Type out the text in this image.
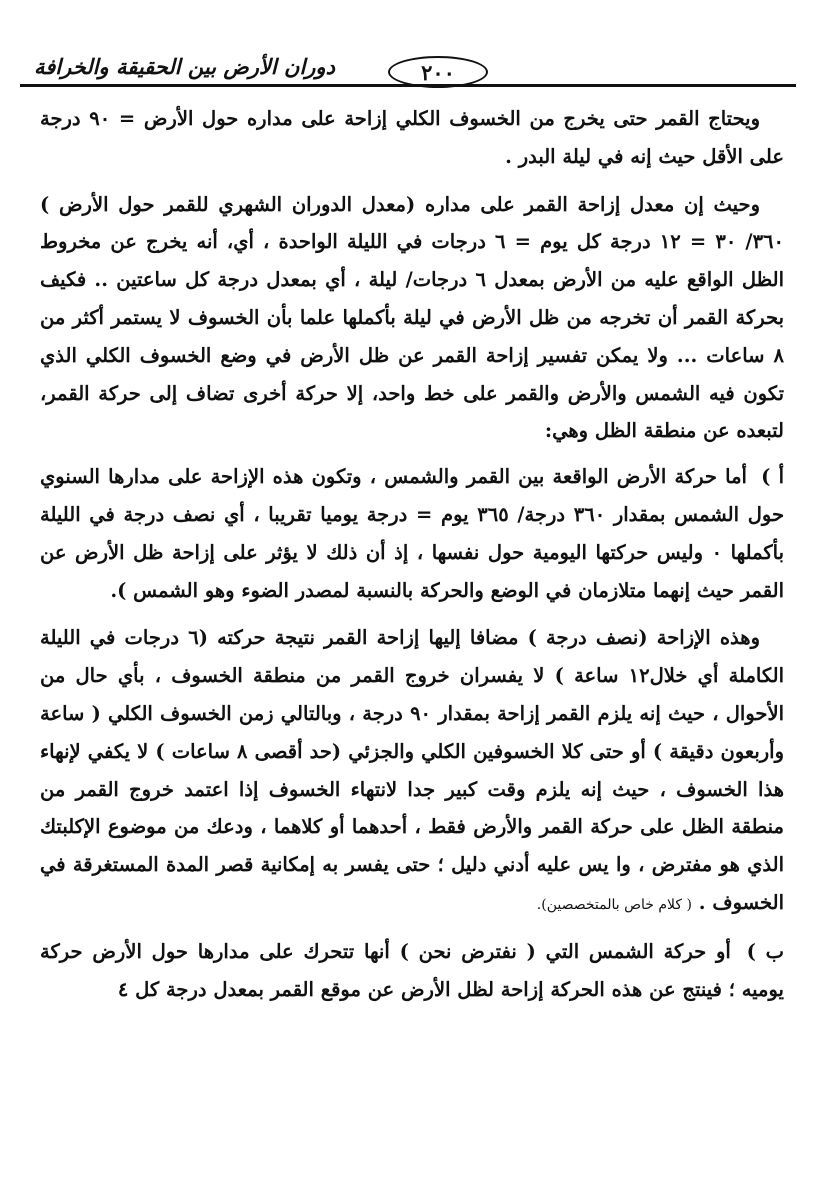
دوران الأرض بين الحقيقة والخرافة	٢٠٠

ويحتاج القمر حتى يخرج من الخسوف الكلي إزاحة على مداره حول الأرض = ٩٠ درجة على الأقل حيث إنه في ليلة البدر .

وحيث إن معدل إزاحة القمر على مداره (معدل الدوران الشهري للقمر حول الأرض ) ٣٦٠/ ٣٠ = ١٢ درجة كل يوم = ٦ درجات في الليلة الواحدة ، أي، أنه يخرج عن مخروط الظل الواقع عليه من الأرض بمعدل ٦ درجات/ ليلة ، أي بمعدل درجة كل ساعتين .. فكيف بحركة القمر أن تخرجه من ظل الأرض في ليلة بأكملها علما بأن الخسوف لا يستمر أكثر من ٨ ساعات ... ولا يمكن تفسير إزاحة القمر عن ظل الأرض في وضع الخسوف الكلي الذي تكون فيه الشمس والأرض والقمر على خط واحد، إلا حركة أخرى تضاف إلى حركة القمر، لتبعده عن منطقة الظل وهي:

أ ) أما حركة الأرض الواقعة بين القمر والشمس ، وتكون هذه الإزاحة على مدارها السنوي حول الشمس بمقدار ٣٦٠ درجة/ ٣٦٥ يوم = درجة يوميا تقريبا ، أي نصف درجة في الليلة بأكملها ٠ وليس حركتها اليومية حول نفسها ، إذ أن ذلك لا يؤثر على إزاحة ظل الأرض عن القمر حيث إنهما متلازمان في الوضع والحركة بالنسبة لمصدر الضوء وهو الشمس ).

وهذه الإزاحة (نصف درجة ) مضافا إليها إزاحة القمر نتيجة حركته (٦ درجات في الليلة الكاملة أي خلال١٢ ساعة ) لا يفسران خروج القمر من منطقة الخسوف ، بأي حال من الأحوال ، حيث إنه يلزم القمر إزاحة بمقدار ٩٠ درجة ، وبالتالي زمن الخسوف الكلي ( ساعة وأربعون دقيقة ) أو حتى كلا الخسوفين الكلي والجزئي (حد أقصى ٨ ساعات ) لا يكفي لإنهاء هذا الخسوف ، حيث إنه يلزم وقت كبير جدا لانتهاء الخسوف إذا اعتمد خروج القمر من منطقة الظل على حركة القمر والأرض فقط ، أحدهما أو كلاهما ، ودعك من موضوع الإكلبتك الذي هو مفترض ، وا يس عليه أدني دليل ؛ حتى يفسر به إمكانية قصر المدة المستغرقة في الخسوف . ( كلام خاص بالمتخصصين).

ب ) أو حركة الشمس التي ( نفترض نحن ) أنها تتحرك على مدارها حول الأرض حركة يوميه ؛ فينتج عن هذه الحركة إزاحة لظل الأرض عن موقع القمر بمعدل درجة كل ٤
